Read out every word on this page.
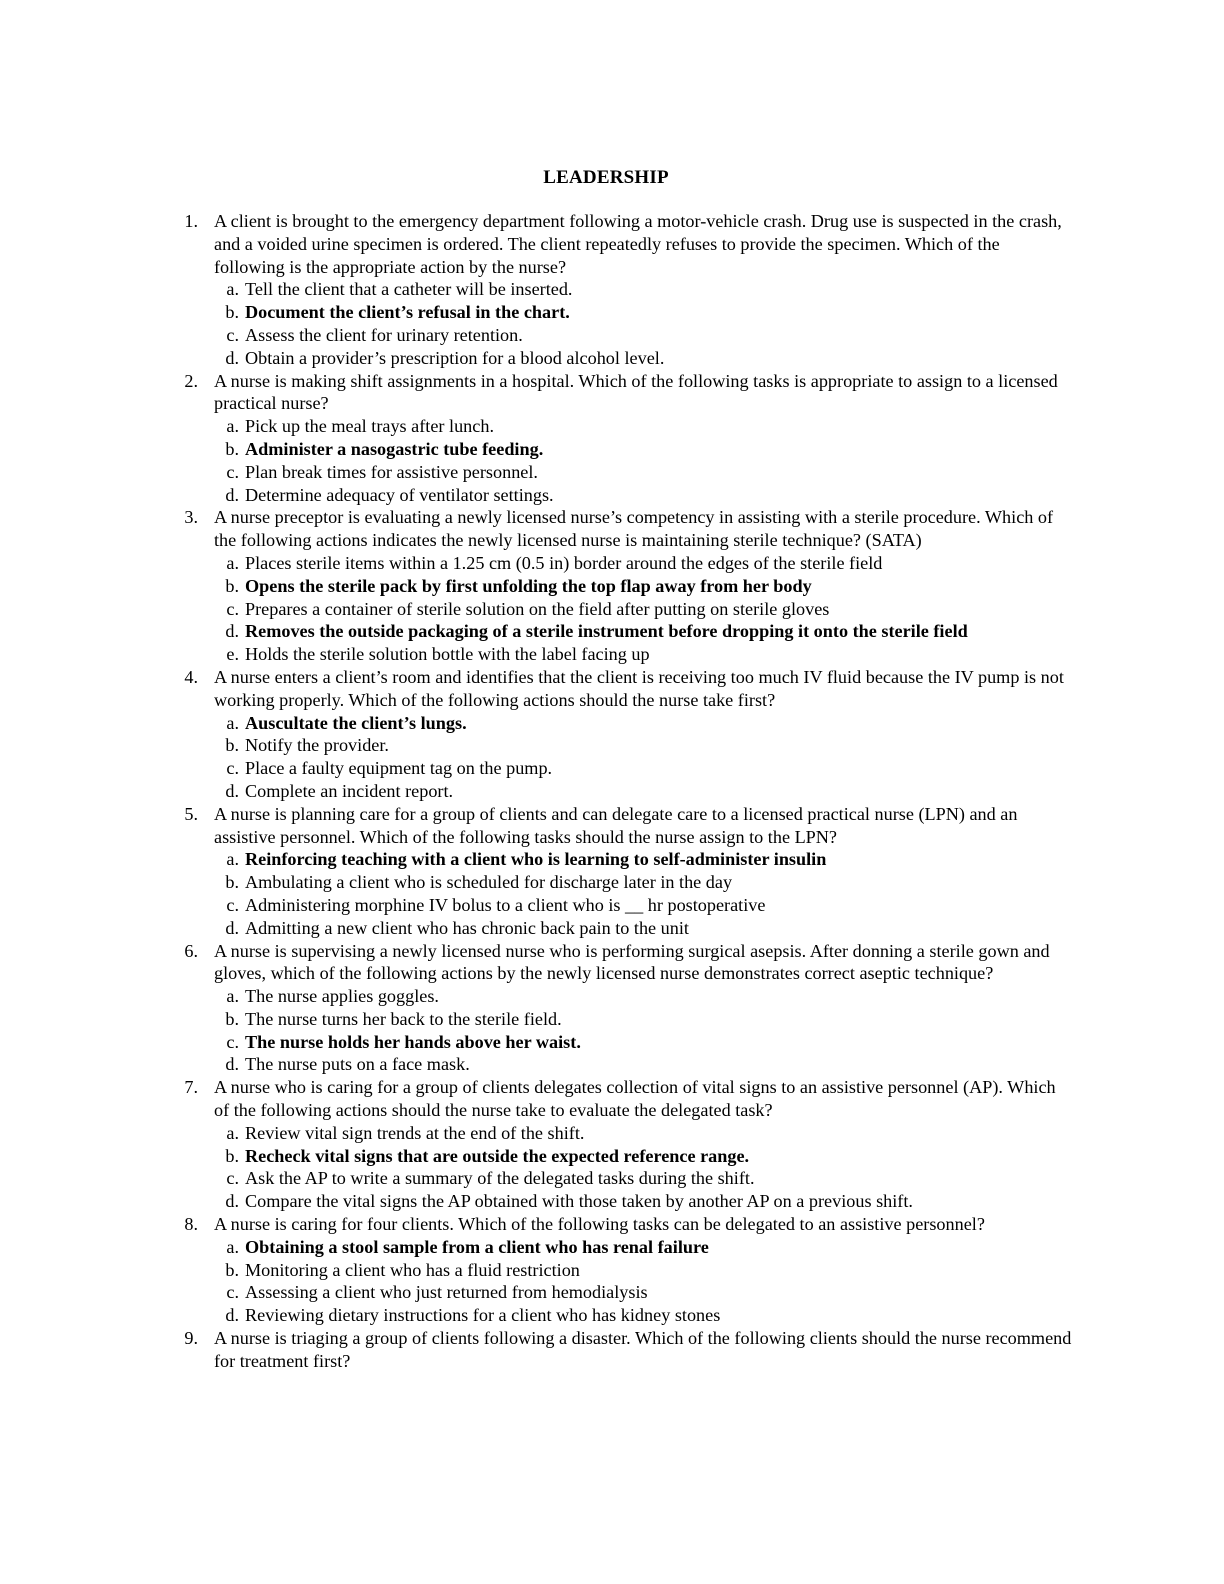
LEADERSHIP
1. A client is brought to the emergency department following a motor-vehicle crash. Drug use is suspected in the crash, and a voided urine specimen is ordered. The client repeatedly refuses to provide the specimen. Which of the following is the appropriate action by the nurse?
a. Tell the client that a catheter will be inserted.
b. Document the client’s refusal in the chart.
c. Assess the client for urinary retention.
d. Obtain a provider’s prescription for a blood alcohol level.
2. A nurse is making shift assignments in a hospital. Which of the following tasks is appropriate to assign to a licensed practical nurse?
a. Pick up the meal trays after lunch.
b. Administer a nasogastric tube feeding.
c. Plan break times for assistive personnel.
d. Determine adequacy of ventilator settings.
3. A nurse preceptor is evaluating a newly licensed nurse’s competency in assisting with a sterile procedure. Which of the following actions indicates the newly licensed nurse is maintaining sterile technique? (SATA)
a. Places sterile items within a 1.25 cm (0.5 in) border around the edges of the sterile field
b. Opens the sterile pack by first unfolding the top flap away from her body
c. Prepares a container of sterile solution on the field after putting on sterile gloves
d. Removes the outside packaging of a sterile instrument before dropping it onto the sterile field
e. Holds the sterile solution bottle with the label facing up
4. A nurse enters a client’s room and identifies that the client is receiving too much IV fluid because the IV pump is not working properly. Which of the following actions should the nurse take first?
a. Auscultate the client’s lungs.
b. Notify the provider.
c. Place a faulty equipment tag on the pump.
d. Complete an incident report.
5. A nurse is planning care for a group of clients and can delegate care to a licensed practical nurse (LPN) and an assistive personnel. Which of the following tasks should the nurse assign to the LPN?
a. Reinforcing teaching with a client who is learning to self-administer insulin
b. Ambulating a client who is scheduled for discharge later in the day
c. Administering morphine IV bolus to a client who is __ hr postoperative
d. Admitting a new client who has chronic back pain to the unit
6. A nurse is supervising a newly licensed nurse who is performing surgical asepsis. After donning a sterile gown and gloves, which of the following actions by the newly licensed nurse demonstrates correct aseptic technique?
a. The nurse applies goggles.
b. The nurse turns her back to the sterile field.
c. The nurse holds her hands above her waist.
d. The nurse puts on a face mask.
7. A nurse who is caring for a group of clients delegates collection of vital signs to an assistive personnel (AP). Which of the following actions should the nurse take to evaluate the delegated task?
a. Review vital sign trends at the end of the shift.
b. Recheck vital signs that are outside the expected reference range.
c. Ask the AP to write a summary of the delegated tasks during the shift.
d. Compare the vital signs the AP obtained with those taken by another AP on a previous shift.
8. A nurse is caring for four clients. Which of the following tasks can be delegated to an assistive personnel?
a. Obtaining a stool sample from a client who has renal failure
b. Monitoring a client who has a fluid restriction
c. Assessing a client who just returned from hemodialysis
d. Reviewing dietary instructions for a client who has kidney stones
9. A nurse is triaging a group of clients following a disaster. Which of the following clients should the nurse recommend for treatment first?
